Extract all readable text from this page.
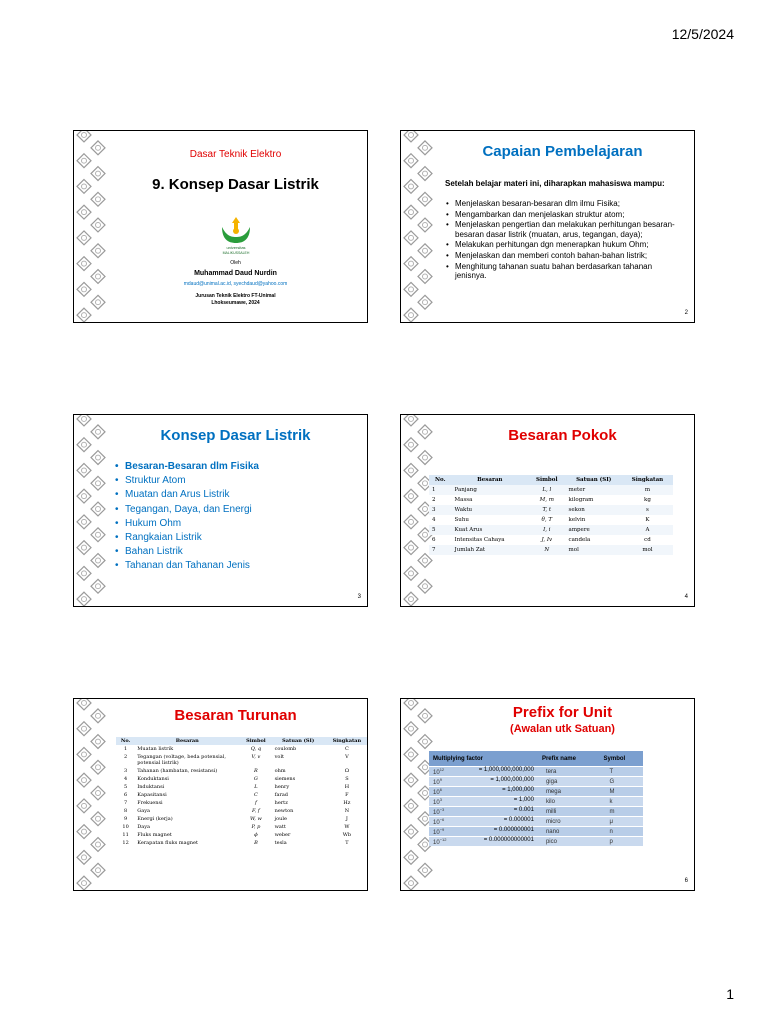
12/5/2024
Dasar Teknik Elektro
9. Konsep Dasar Listrik
universitas
MALIKUSSALEH
Oleh
Muhammad Daud Nurdin
mdaud@unimal.ac.id, syechdaud@yahoo.com
Jurusan Teknik Elektro FT-Unimal
Lhokseumawe, 2024
Capaian Pembelajaran
Setelah belajar materi ini, diharapkan mahasiswa mampu:
• Menjelaskan besaran-besaran dlm ilmu Fisika;
• Mengambarkan dan menjelaskan struktur atom;
• Menjelaskan pengertian dan melakukan perhitungan besaran-besaran dasar listrik (muatan, arus, tegangan, daya);
• Melakukan perhitungan dgn menerapkan hukum Ohm;
• Menjelaskan dan memberi contoh bahan-bahan listrik;
• Menghitung tahanan suatu bahan berdasarkan tahanan jenisnya.
2
Konsep Dasar Listrik
• Besaran-Besaran dlm Fisika
• Struktur Atom
• Muatan dan Arus Listrik
• Tegangan, Daya, dan Energi
• Hukum Ohm
• Rangkaian Listrik
• Bahan Listrik
• Tahanan dan Tahanan Jenis
3
Besaran Pokok
No.	Besaran	Simbol	Satuan (SI)	Singkatan
1	Panjang	L, l	meter	m
2	Massa	M, m	kilogram	kg
3	Waktu	T, t	sekon	s
4	Suhu	θ, T	kelvin	K
5	Kuat Arus	I, i	ampere	A
6	Intensitas Cahaya	J, Iv	candela	cd
7	Jumlah Zat	N	mol	mol
4
Besaran Turunan
No.	Besaran	Simbol	Satuan (SI)	Singkatan
1	Muatan listrik	Q, q	coulomb	C
2	Tegangan (voltage, beda potensial, potensial listrik)	V, v	volt	V
3	Tahanan (hambatan, resistansi)	R	ohm	Ω
4	Konduktansi	G	siemens	S
5	Induktansi	L	henry	H
6	Kapasitansi	C	farad	F
7	Frekuensi	f	hertz	Hz
8	Gaya	F, f	newton	N
9	Energi (kerja)	W, w	joule	J
10	Daya	P, p	watt	W
11	Fluks magnet	ϕ	weber	Wb
12	Kerapatan fluks magnet	B	tesla	T
Prefix for Unit
(Awalan utk Satuan)
Multiplying factor	Prefix name	Symbol
$10^{12} = 1,000,000,000,000$	tera	T
$10^9 = 1,000,000,000$	giga	G
$10^6 = 1,000,000$	mega	M
$10^3 = 1,000$	kilo	k
$10^{-3} = 0.001$	milli	m
$10^{-6} = 0.000001$	micro	μ
$10^{-9} = 0.000000001$	nano	n
$10^{-12} = 0.000000000001$	pico	p
6
1
